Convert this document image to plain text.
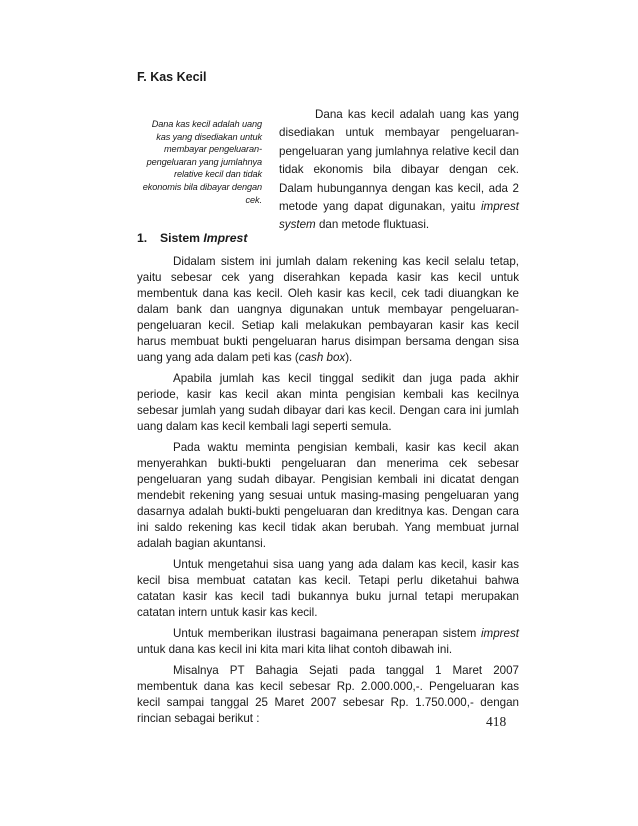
F. Kas Kecil

Dana kas kecil adalah uang kas yang disediakan untuk membayar pengeluaran-pengeluaran yang jumlahnya relative kecil dan tidak ekonomis bila dibayar dengan cek.

Dana kas kecil adalah uang kas yang disediakan untuk membayar pengeluaran-pengeluaran yang jumlahnya relative kecil dan tidak ekonomis bila dibayar dengan cek. Dalam hubungannya dengan kas kecil, ada 2 metode yang dapat digunakan, yaitu imprest system dan metode fluktuasi.

1. Sistem Imprest

Didalam sistem ini jumlah dalam rekening kas kecil selalu tetap, yaitu sebesar cek yang diserahkan kepada kasir kas kecil untuk membentuk dana kas kecil. Oleh kasir kas kecil, cek tadi diuangkan ke dalam bank dan uangnya digunakan untuk membayar pengeluaran-pengeluaran kecil. Setiap kali melakukan pembayaran kasir kas kecil harus membuat bukti pengeluaran harus disimpan bersama dengan sisa uang yang ada dalam peti kas (cash box).

Apabila jumlah kas kecil tinggal sedikit dan juga pada akhir periode, kasir kas kecil akan minta pengisian kembali kas kecilnya sebesar jumlah yang sudah dibayar dari kas kecil. Dengan cara ini jumlah uang dalam kas kecil kembali lagi seperti semula.

Pada waktu meminta pengisian kembali, kasir kas kecil akan menyerahkan bukti-bukti pengeluaran dan menerima cek sebesar pengeluaran yang sudah dibayar. Pengisian kembali ini dicatat dengan mendebit rekening yang sesuai untuk masing-masing pengeluaran yang dasarnya adalah bukti-bukti pengeluaran dan kreditnya kas. Dengan cara ini saldo rekening kas kecil tidak akan berubah. Yang membuat jurnal adalah bagian akuntansi.

Untuk mengetahui sisa uang yang ada dalam kas kecil, kasir kas kecil bisa membuat catatan kas kecil. Tetapi perlu diketahui bahwa catatan kasir kas kecil tadi bukannya buku jurnal tetapi merupakan catatan intern untuk kasir kas kecil.

Untuk memberikan ilustrasi bagaimana penerapan sistem imprest untuk dana kas kecil ini kita mari kita lihat contoh dibawah ini.

Misalnya PT Bahagia Sejati pada tanggal 1 Maret 2007 membentuk dana kas kecil sebesar Rp. 2.000.000,-. Pengeluaran kas kecil sampai tanggal 25 Maret 2007 sebesar Rp. 1.750.000,- dengan rincian sebagai berikut :	418
